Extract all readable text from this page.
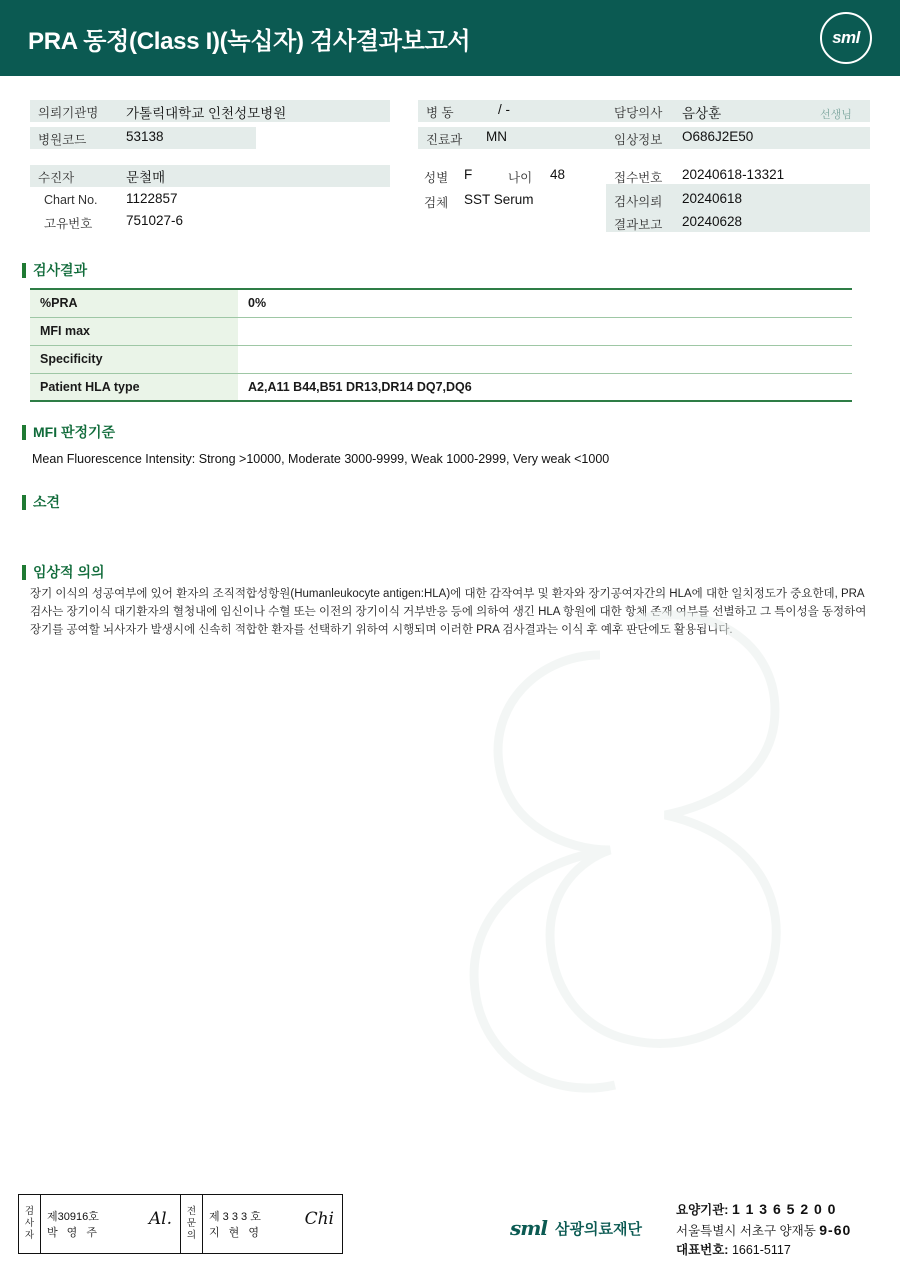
PRA 동정(Class I)(녹십자) 검사결과보고서	sml
의뢰기관명 가톨릭대학교 인천성모병원
병원코드	53138
수진자	문철매
Chart No. 1122857
고유번호 751027-6
병 동	/ -
진료과 MN
성별 F	나이 48
검체 SST Serum
담당의사 음상훈	선생님
임상정보 O686J2E50
접수번호 20240618-13321
검사의뢰 20240618
결과보고 20240628
검사결과
%PRA	0%
MFI max	
Specificity	
Patient HLA type	A2,A11 B44,B51 DR13,DR14 DQ7,DQ6
MFI 판정기준
Mean Fluorescence Intensity: Strong >10000, Moderate 3000-9999, Weak 1000-2999, Very weak <1000
소견
임상적 의의
장기 이식의 성공여부에 있어 환자의 조직적합성항원(Humanleukocyte antigen:HLA)에 대한 감작여부 및 환자와 장기공여자간의 HLA에 대한 일치정도가 중요한데, PRA 검사는 장기이식 대기환자의 혈청내에 임신이나 수혈 또는 이전의 장기이식 거부반응 등에 의하여 생긴 HLA 항원에 대한 항체 존재 여부를 선별하고 그 특이성을 동정하여 장기를 공여할 뇌사자가 발생시에 신속히 적합한 환자를 선택하기 위하여 시행되며 이러한 PRA 검사결과는 이식 후 예후 판단에도 활용됩니다.
검
사
자
제30916호
박 영 주
Al. 전
문
의
제 3 3 3 호
지 현 영
Chi	sml 삼광의료재단
요양기관: 1 1 3 6 5 2 0 0
서울특별시 서초구 양재동 9-60
대표번호: 1661-5117
